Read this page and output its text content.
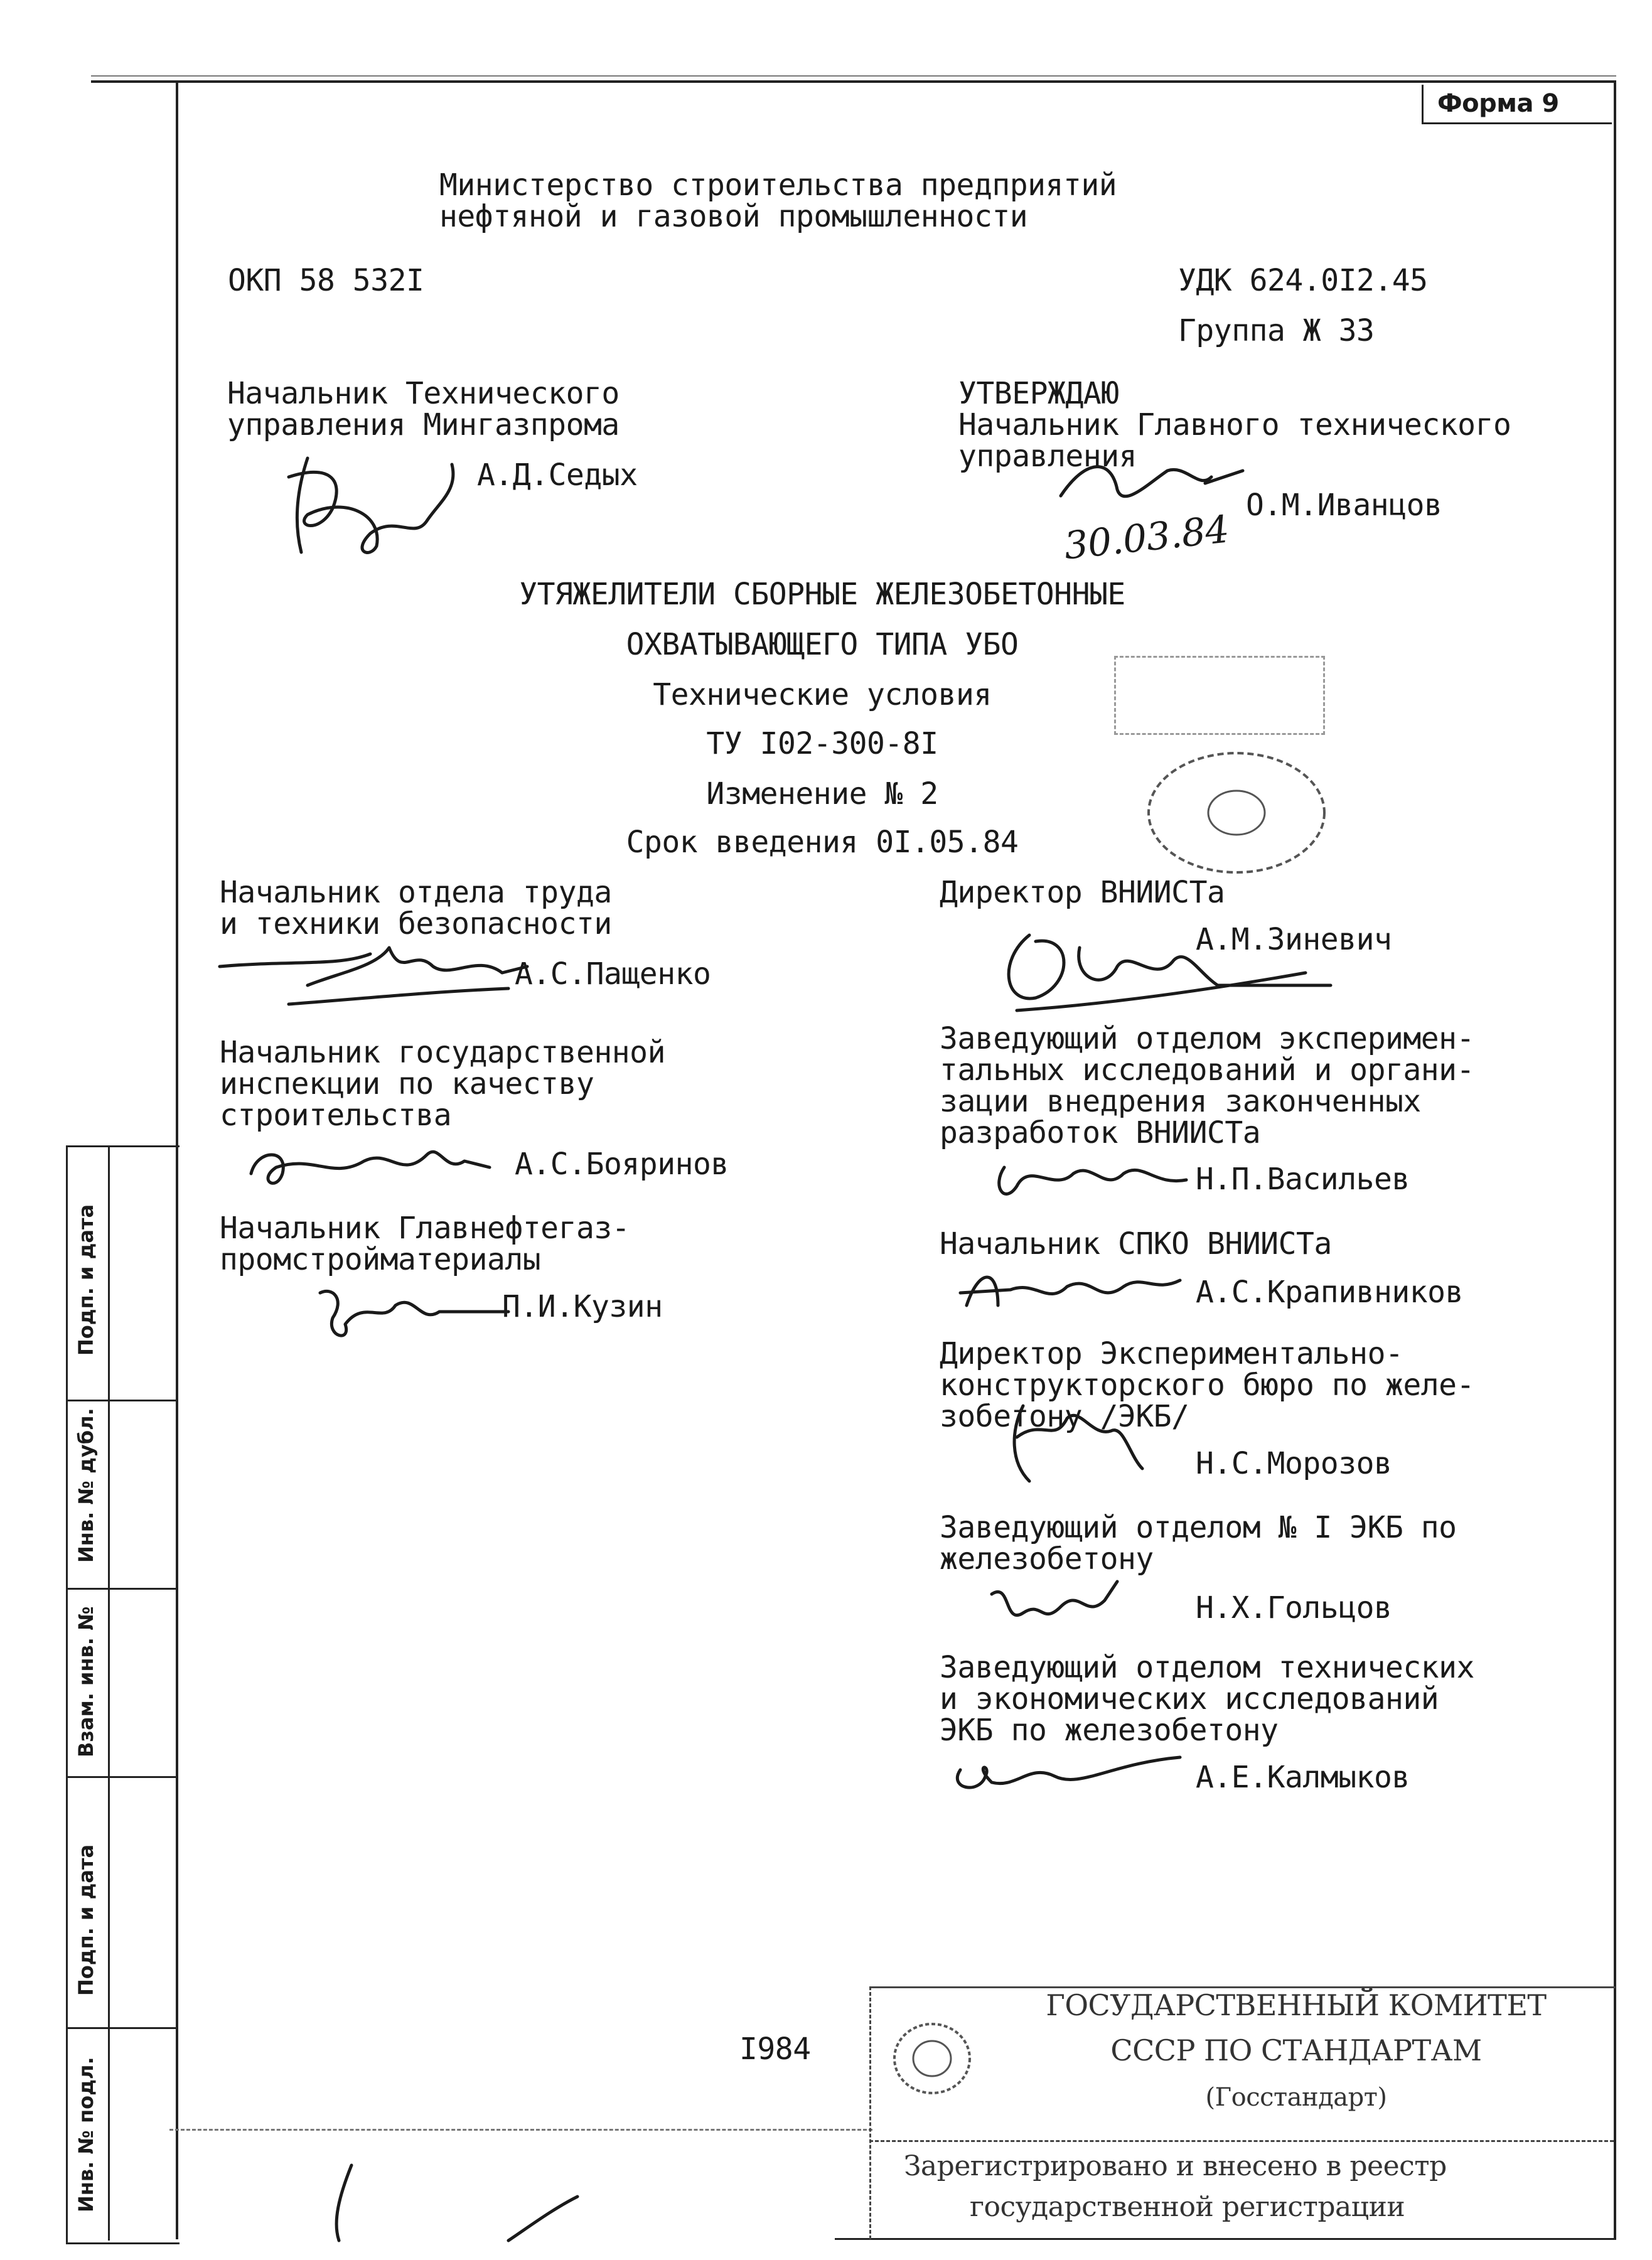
Форма 9
Подп. и дата
Инв. № дубл.
Взам. инв. №
Подп. и дата
Инв. № подл.
Министерство строительства предприятий
нефтяной и газовой промышленности
ОКП 58 532I	УДК 624.0I2.45
Группа Ж 33
Начальник Технического
управления Мингазпрома
А.Д.Седых
УТВЕРЖДАЮ
Начальник Главного технического
управления
О.М.Иванцов
30.03.84
УТЯЖЕЛИТЕЛИ СБОРНЫЕ ЖЕЛЕЗОБЕТОННЫЕ
ОХВАТЫВАЮЩЕГО ТИПА УБО
Технические условия
ТУ I02-300-8I
Изменение № 2
Срок введения 0I.05.84
Начальник отдела труда
и техники безопасности
А.С.Пащенко
Начальник государственной
инспекции по качеству
строительства
А.С.Бояринов
Начальник Главнефтегаз-
промстройматериалы
П.И.Кузин
Директор ВНИИСТа
А.М.Зиневич
Заведующий отделом эксперимен-
тальных исследований и органи-
зации внедрения законченных
разработок ВНИИСТа
Н.П.Васильев
Начальник СПКО ВНИИСТа
А.С.Крапивников
Директор Экспериментально-
конструкторского бюро по желе-
зобетону /ЭКБ/
Н.С.Морозов
Заведующий отделом № I ЭКБ по
железобетону
Н.Х.Гольцов
Заведующий отделом технических
и экономических исследований
ЭКБ по железобетону
А.Е.Калмыков
I984
ГОСУДАРСТВЕННЫЙ КОМИТЕТ
СССР ПО СТАНДАРТАМ
(Госстандарт)
Зарегистрировано и внесено в реестр
государственной регистрации
